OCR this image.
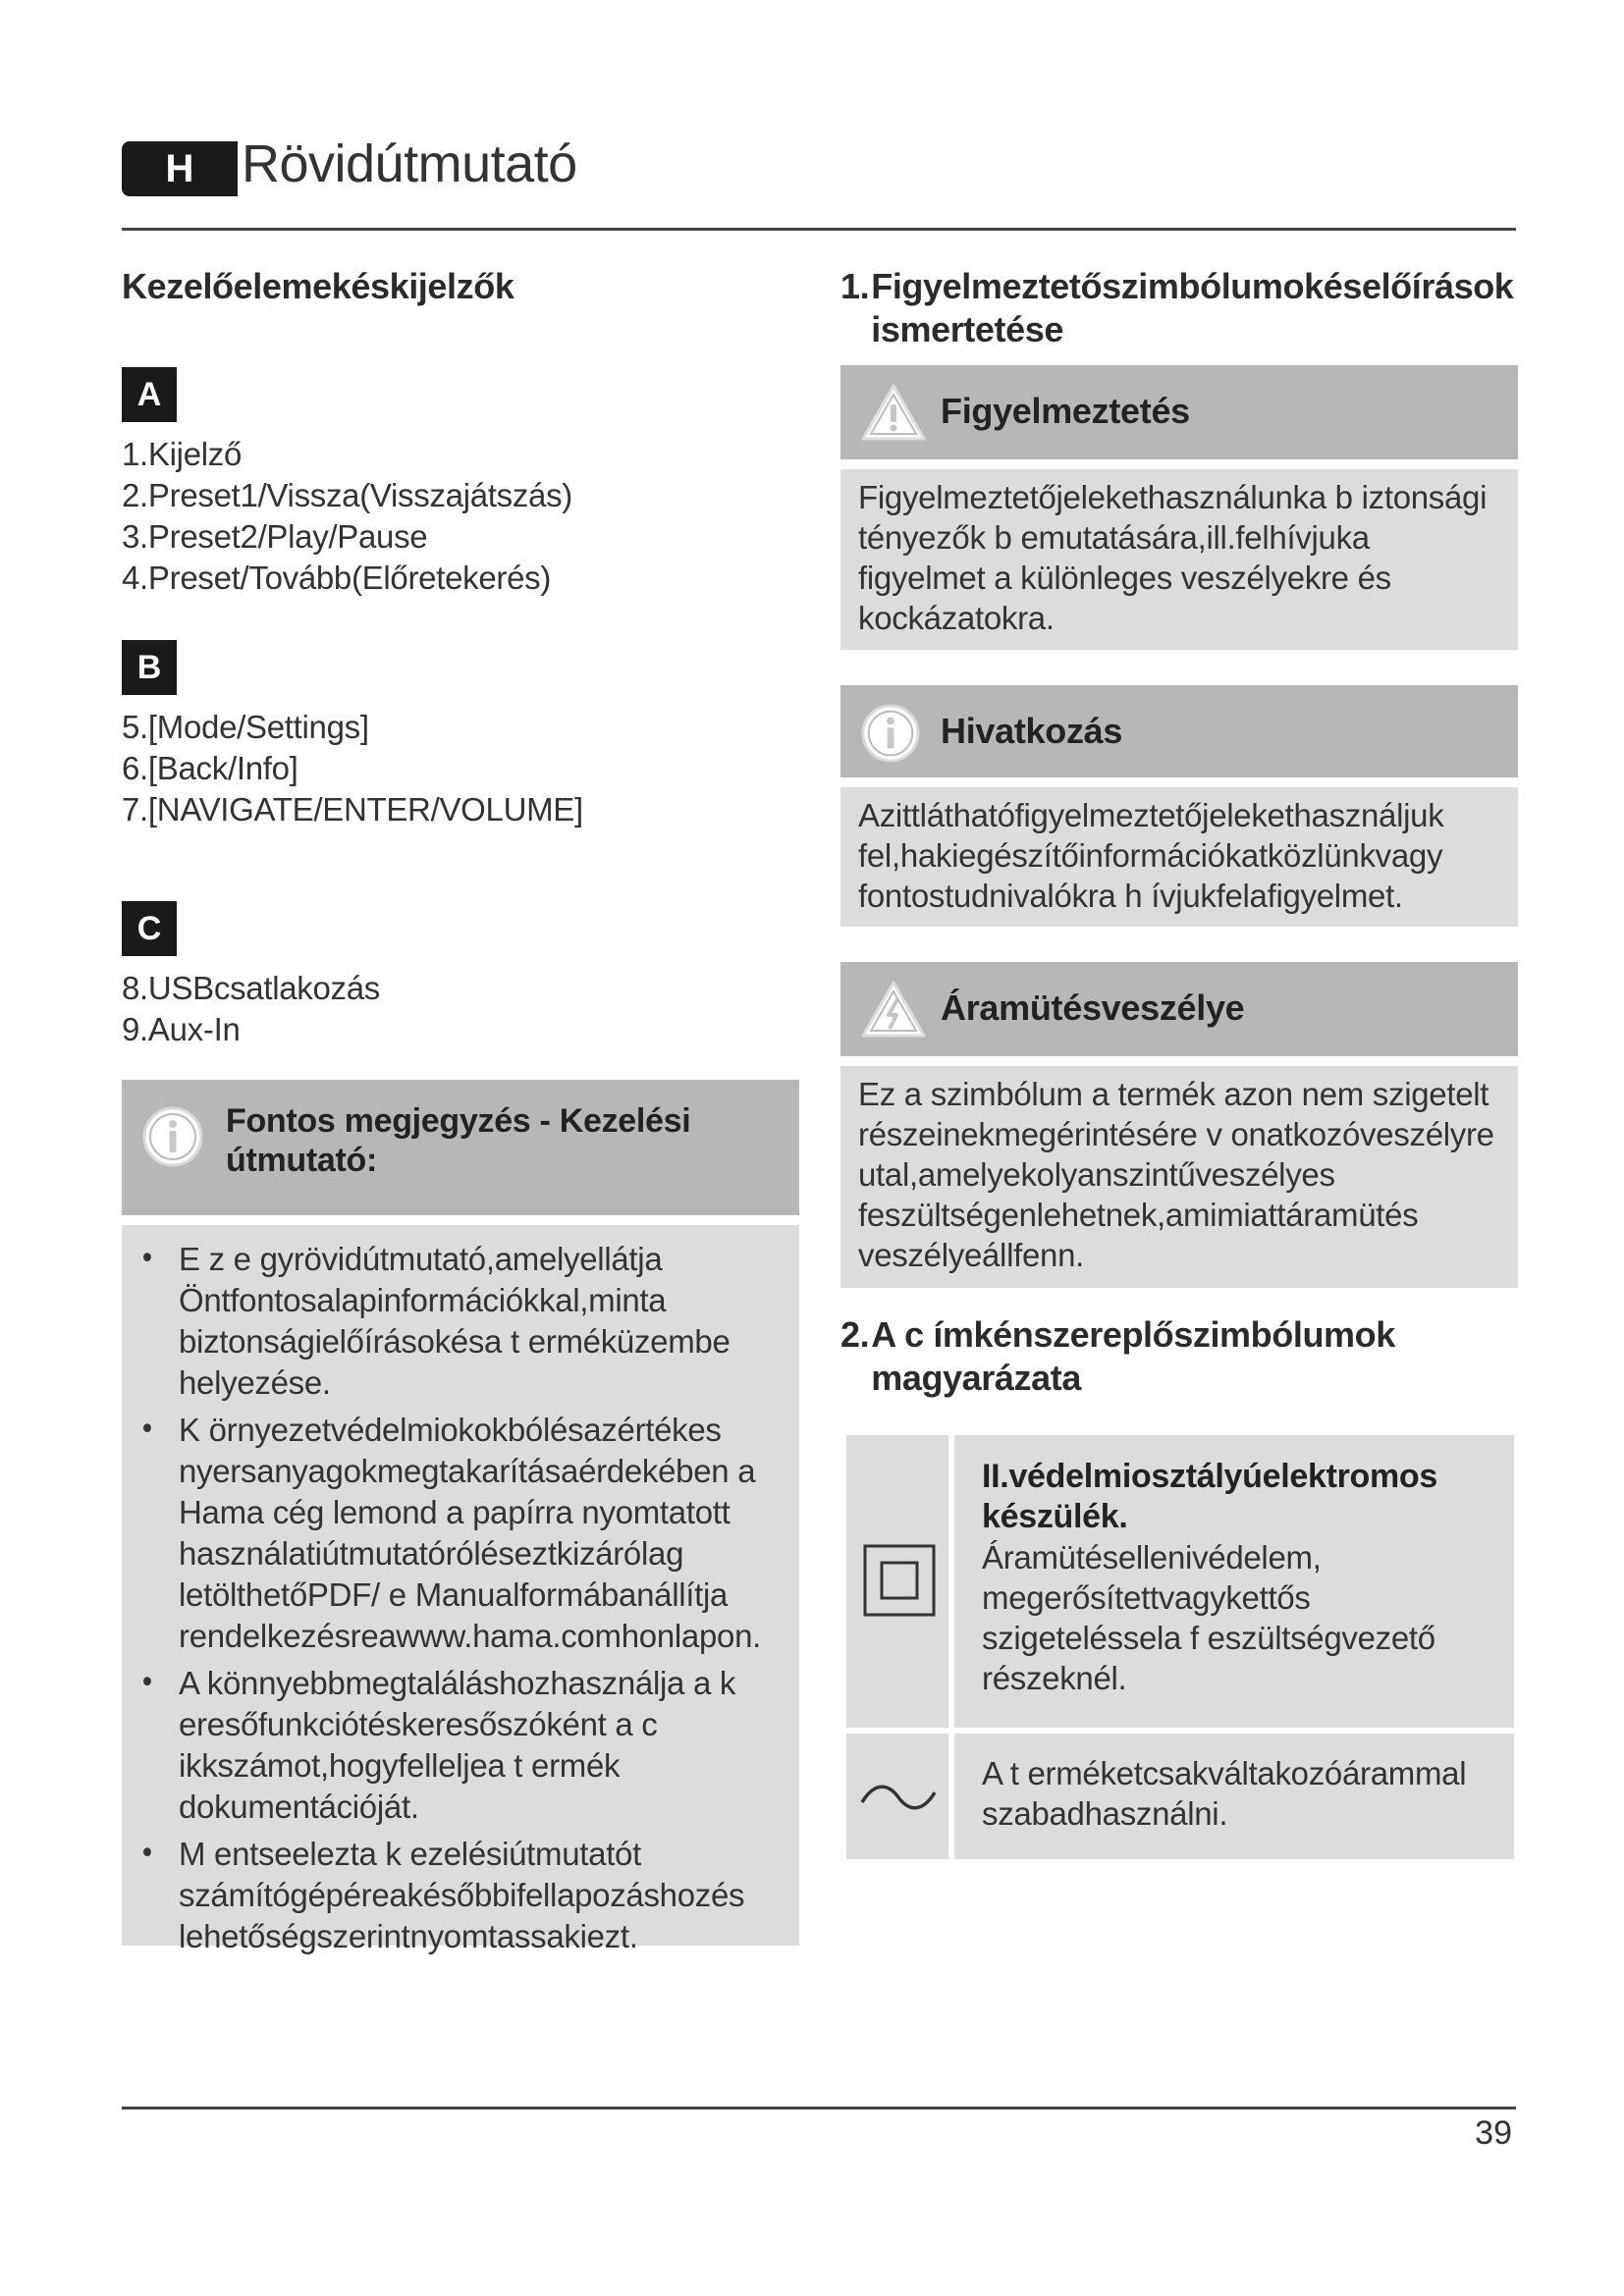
H Rövidútmutató
Kezelőelemekéskijelzők
A
1.Kijelző
2.Preset1/Vissza(Visszajátszás)
3.Preset2/Play/Pause
4.Preset/Tovább(Előretekerés)
B
5.[Mode/Settings]
6.[Back/Info]
7.[NAVIGATE/ENTER/VOLUME]
C
8.USBcsatlakozás
9.Aux-In
Fontos megjegyzés - Kezelési útmutató:
• E z e gyrövidútmutató,amelyellátja Öntfontosalapinformációkkal,minta biztonságielőírásokésa t erméküzembe helyezése.
• K örnyezetvédelmiokokbólésazértékes nyersanyagokmegtakarításaérdekében a Hama cég lemond a papírra nyomtatott használatiútmutatóróléseztkizárólag letölthetőPDF/ e Manualformábanállítja rendelkezésreawww.hama.comhonlapon.
• A könnyebbmegtaláláshozhasználja a k eresőfunkciótéskeresőszóként a c ikkszámot,hogyfelleljea t ermék dokumentációját.
• M entseelezta k ezelésiútmutatót számítógépéreakésőbbifellapozáshozés lehetőségszerintnyomtassakiezt.
1. Figyelmeztetőszimbólumokéselőírások ismertetése
Figyelmeztetés
Figyelmeztetőjelekethasználunka b iztonsági tényezők b emutatására,ill.felhívjuka figyelmet a különleges veszélyekre és kockázatokra.
Hivatkozás
Azittláthatófigyelmeztetőjelekethasználjuk fel,hakiegészítőinformációkatközlünkvagy fontostudnivalókra h ívjukfelafigyelmet.
Áramütésveszélye
Ez a szimbólum a termék azon nem szigetelt részeinekmegérintésére v onatkozóveszélyre utal,amelyekolyanszintűveszélyes feszültségenlehetnek,amimiattáramütés veszélyeállfenn.
2. A c ímkénszereplőszimbólumok magyarázata
II.védelmiosztályúelektromos készülék.
Áramütésellenivédelem, megerősítettvagykettős szigeteléssela f eszültségvezető részeknél.
A t erméketcsakváltakozóárammal szabadhasználni.
39
